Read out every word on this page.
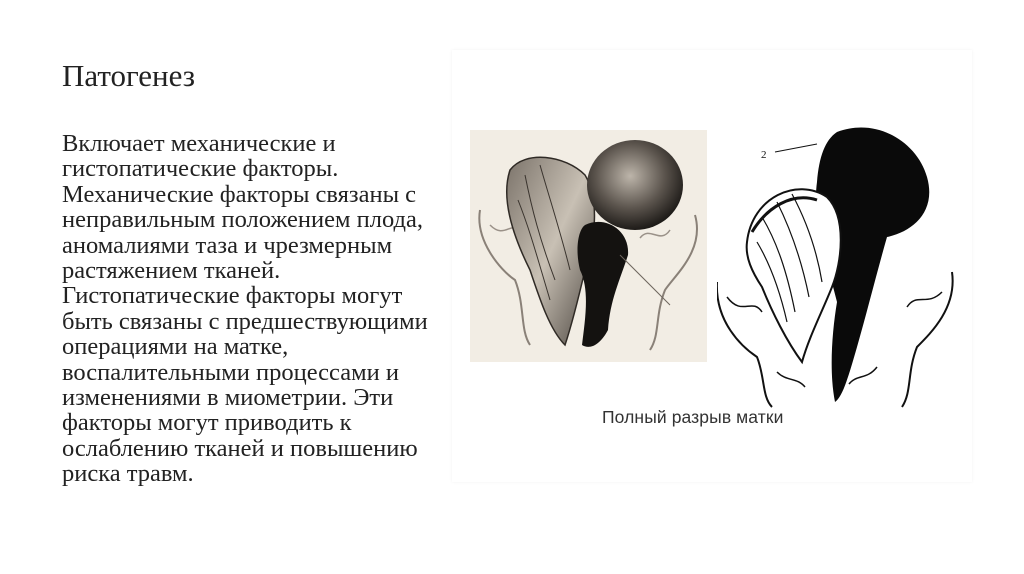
Патогенез

Включает механические и гистопатические факторы. Механические факторы связаны с неправильным положением плода, аномалиями таза и чрезмерным растяжением тканей. Гистопатические факторы могут быть связаны с предшествующими операциями на матке, воспалительными процессами и изменениями в миометрии. Эти факторы могут приводить к ослаблению тканей и повышению риска травм.

2
Полный разрыв матки
